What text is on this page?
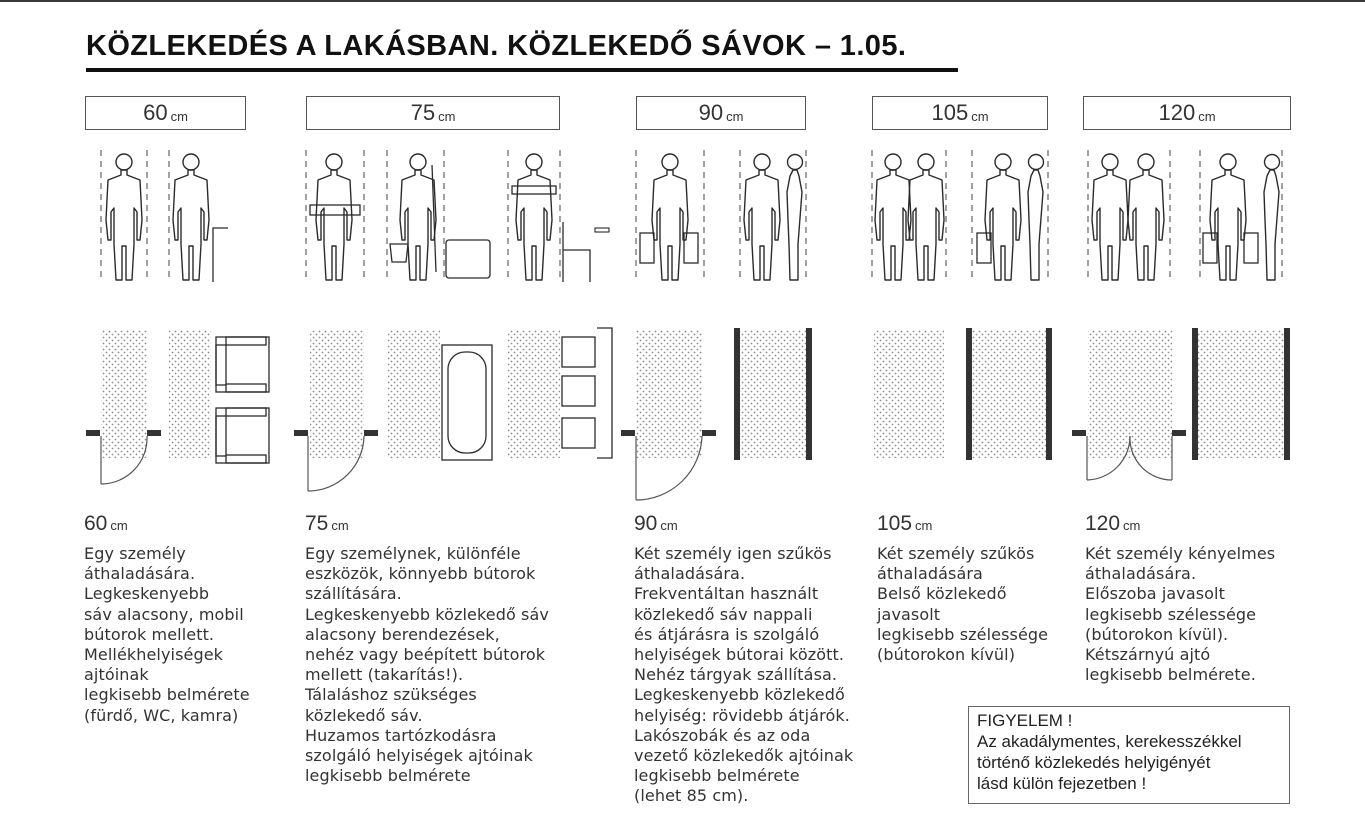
KÖZLEKEDÉS A LAKÁSBAN. KÖZLEKEDŐ SÁVOK – 1.05.
60 cm	75 cm	90 cm	105 cm	120 cm
60 cm	75 cm	90 cm	105 cm	120 cm
Egy személy
áthaladására.
Legkeskenyebb
sáv alacsony, mobil
bútorok mellett.
Mellékhelyiségek
ajtóinak
legkisebb belmérete
(fürdő, WC, kamra)
Egy személynek, különféle
eszközök, könnyebb bútorok
szállítására.
Legkeskenyebb közlekedő sáv
alacsony berendezések,
nehéz vagy beépített bútorok
mellett (takarítás!).
Tálaláshoz szükséges
közlekedő sáv.
Huzamos tartózkodásra
szolgáló helyiségek ajtóinak
legkisebb belmérete
Két személy igen szűkös
áthaladására.
Frekventáltan használt
közlekedő sáv nappali
és átjárásra is szolgáló
helyiségek bútorai között.
Nehéz tárgyak szállítása.
Legkeskenyebb közlekedő
helyiség: rövidebb átjárók.
Lakószobák és az oda
vezető közlekedők ajtóinak
legkisebb belmérete
(lehet 85 cm).
Két személy szűkös
áthaladására
Belső közlekedő
javasolt
legkisebb szélessége
(bútorokon kívül)
Két személy kényelmes
áthaladására.
Előszoba javasolt
legkisebb szélessége
(bútorokon kívül).
Kétszárnyú ajtó
legkisebb belmérete.
FIGYELEM !
Az akadálymentes, kerekesszékkel
történő közlekedés helyigényét
lásd külön fejezetben !
